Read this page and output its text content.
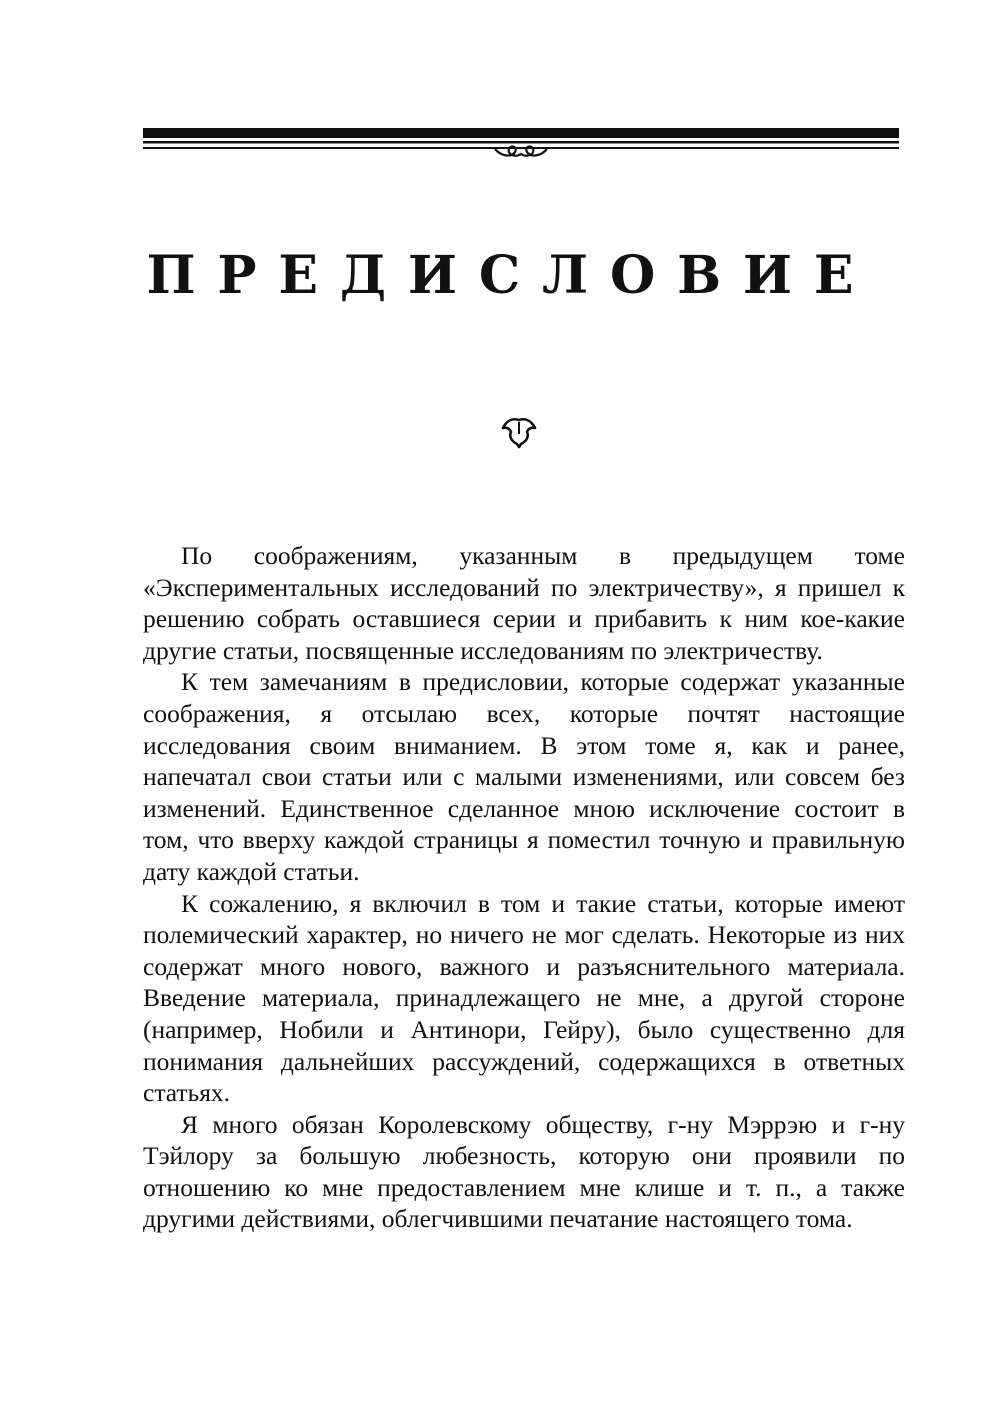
ПРЕДИСЛОВИЕ

По соображениям, указанным в предыдущем томе «Экспериментальных исследований по электричеству», я пришел к решению собрать оставшиеся серии и прибавить к ним кое-какие другие статьи, посвященные исследованиям по электричеству.

К тем замечаниям в предисловии, которые содержат указанные соображения, я отсылаю всех, которые почтят настоящие исследования своим вниманием. В этом томе я, как и ранее, напечатал свои статьи или с малыми изменениями, или совсем без изменений. Единственное сделанное мною исключение состоит в том, что вверху каждой страницы я поместил точную и правильную дату каждой статьи.

К сожалению, я включил в том и такие статьи, которые имеют полемический характер, но ничего не мог сделать. Некоторые из них содержат много нового, важного и разъяснительного материала. Введение материала, принадлежащего не мне, а другой стороне (например, Нобили и Антинори, Гейру), было существенно для понимания дальнейших рассуждений, содержащихся в ответных статьях.

Я много обязан Королевскому обществу, г-ну Мэррэю и г-ну Тэйлору за большую любезность, которую они проявили по отношению ко мне предоставлением мне клише и т. п., а также другими действиями, облегчившими печатание настоящего тома.
